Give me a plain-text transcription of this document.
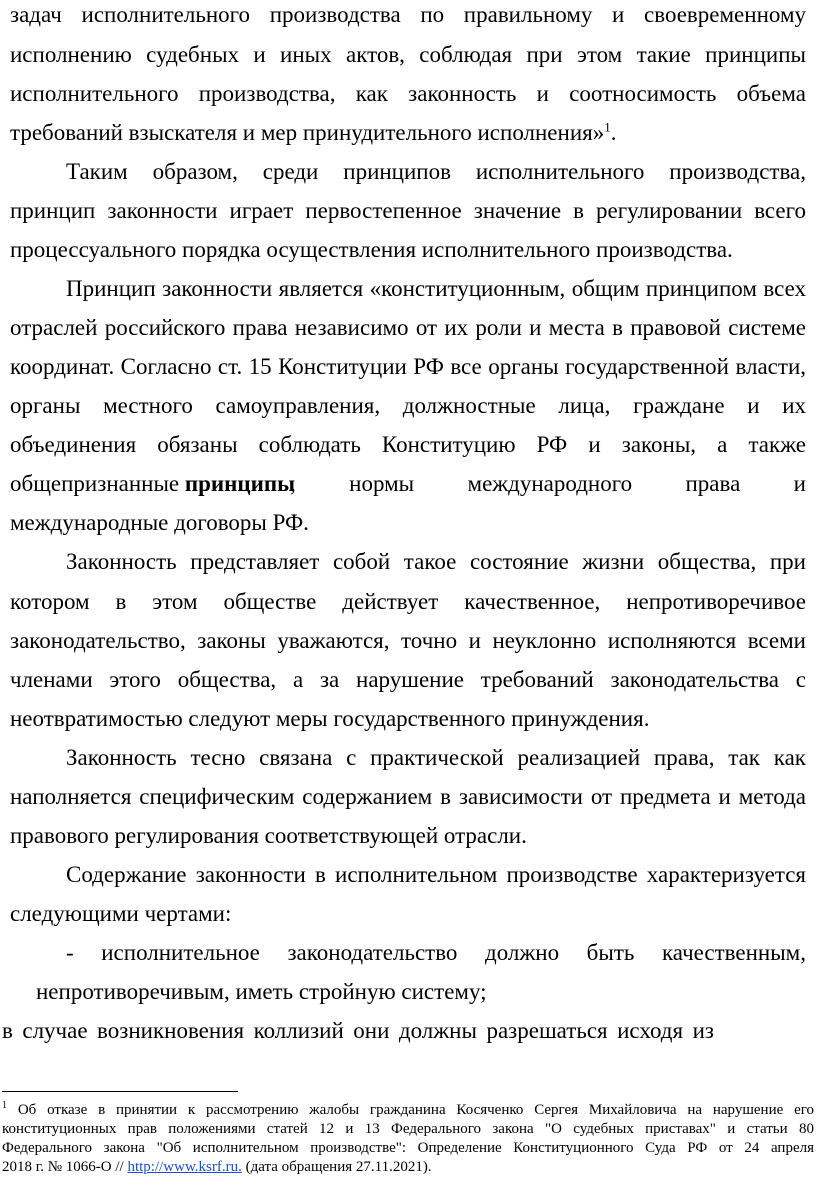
задач исполнительного производства по правильному и своевременному
исполнению судебных и иных актов, соблюдая при этом такие принципы
исполнительного производства, как законность и соотносимость объема
требований взыскателя и мер принудительного исполнения»$^1$.
Таким образом, среди принципов исполнительного производства,
принцип законности играет первостепенное значение в регулировании всего
процессуального порядка осуществления исполнительного производства.
Принцип законности является «конституционным, общим принципом всех
отраслей российского права независимо от их роли и места в правовой системе
координат. Согласно ст. 15 Конституции РФ все органы государственной власти,
органы местного самоуправления, должностные лица, граждане и их
объединения обязаны соблюдать Конституцию РФ и законы, а также
общепризнанные принципы
, нормы международного права и
международные договоры РФ.
Законность представляет собой такое состояние жизни общества, при
котором в этом обществе действует качественное, непротиворечивое
законодательство, законы уважаются, точно и неуклонно исполняются всеми
членами этого общества, а за нарушение требований законодательства с
неотвратимостью следуют меры государственного принуждения.
Законность тесно связана с практической реализацией права, так как
наполняется специфическим содержанием в зависимости от предмета и метода
правового регулирования соответствующей отрасли.
Содержание законности в исполнительном производстве характеризуется
следующими чертами:
- исполнительное законодательство должно быть качественным,
непротиворечивым, иметь стройную систему;
в случае возникновения коллизий они должны разрешаться исходя из
$^1$ Об отказе в принятии к рассмотрению жалобы гражданина Косяченко Сергея Михайловича на нарушение его
конституционных прав положениями статей 12 и 13 Федерального закона "О судебных приставах" и статьи 80
Федерального закона "Об исполнительном производстве": Определение Конституционного Суда РФ от 24 апреля
2018 г. № 1066-О // http://www.ksrf.ru. (дата обращения 27.11.2021).
